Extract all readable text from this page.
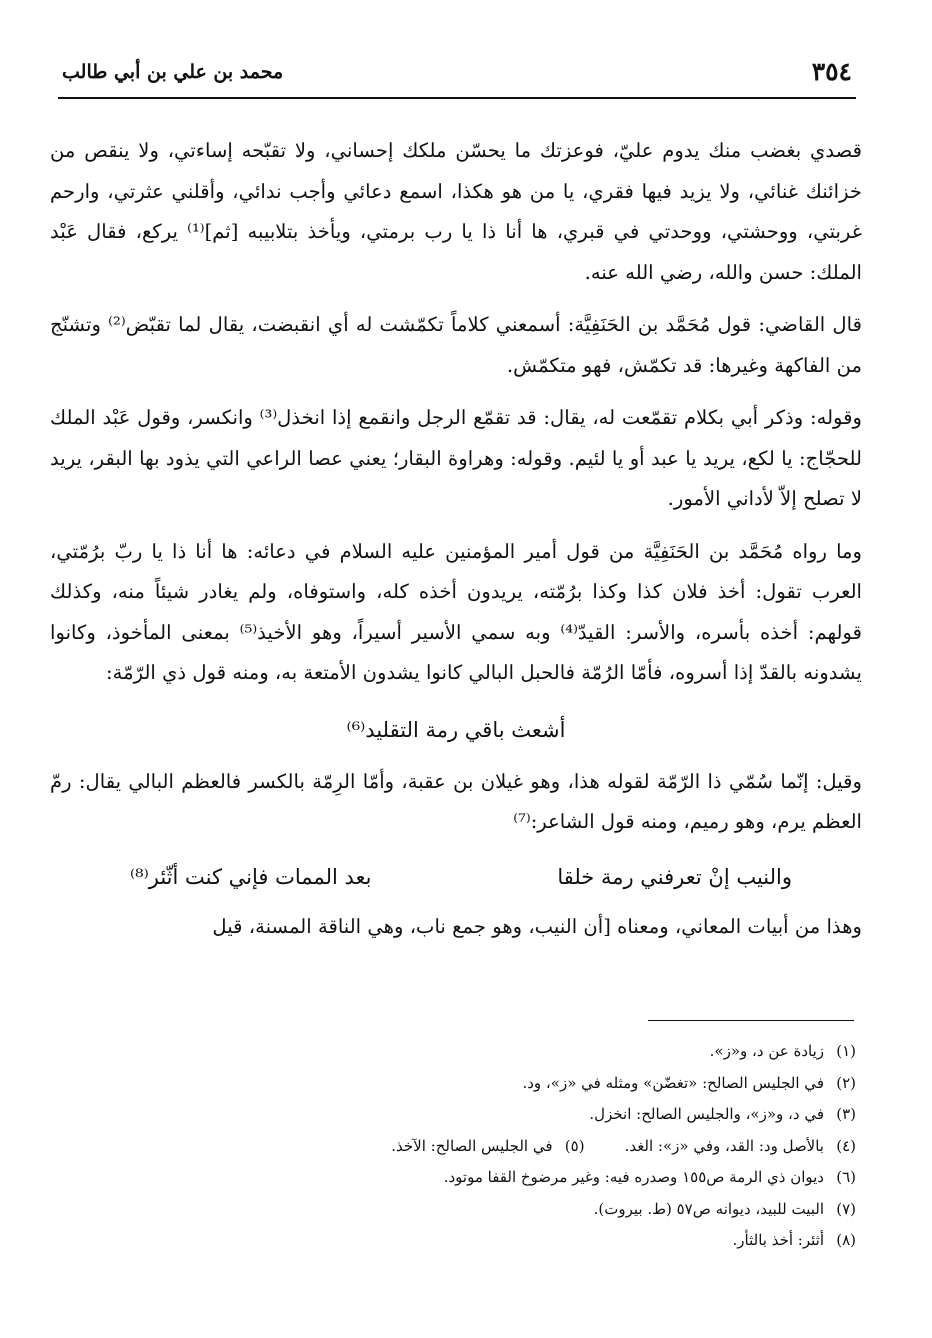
٣٥٤
محمد بن علي بن أبي طالب

قصدي بغضب منك يدوم عليّ، فوعزتك ما يحسّن ملكك إحساني، ولا تقبّحه إساءتي، ولا ينقص من خزائنك غنائي، ولا يزيد فيها فقري، يا من هو هكذا، اسمع دعائي وأجب ندائي، وأقلني عثرتي، وارحم غربتي، ووحشتي، ووحدتي في قبري، ها أنا ذا يا رب برمتي، ويأخذ بتلابيبه [ثم]⁽¹⁾ يركع، فقال عَبْد الملك: حسن والله، رضي الله عنه.

قال القاضي: قول مُحَمَّد بن الحَنَفِيَّة: أسمعني كلاماً تكمّشت له أي انقبضت، يقال لما تقبّض⁽²⁾ وتشنّج من الفاكهة وغيرها: قد تكمّش، فهو متكمّش.

وقوله: وذكر أبي بكلام تقمّعت له، يقال: قد تقمّع الرجل وانقمع إذا انخذل⁽³⁾ وانكسر، وقول عَبْد الملك للحجّاج: يا لكع، يريد يا عبد أو يا لئيم. وقوله: وهراوة البقار؛ يعني عصا الراعي التي يذود بها البقر، يريد لا تصلح إلاّ لأداني الأمور.

وما رواه مُحَمَّد بن الحَنَفِيَّة من قول أمير المؤمنين عليه السلام في دعائه: ها أنا ذا يا ربّ برُمّتي، العرب تقول: أخذ فلان كذا وكذا برُمّته، يريدون أخذه كله، واستوفاه، ولم يغادر شيئاً منه، وكذلك قولهم: أخذه بأسره، والأسر: القيدّ⁽⁴⁾ وبه سمي الأسير أسيراً، وهو الأخيذ⁽⁵⁾ بمعنى المأخوذ، وكانوا يشدونه بالقدّ إذا أسروه، فأمّا الرُمّة فالحبل البالي كانوا يشدون الأمتعة به، ومنه قول ذي الرّمّة:

أشعث باقي رمة التقليد⁽⁶⁾

وقيل: إنّما سُمّي ذا الرّمّة لقوله هذا، وهو غيلان بن عقبة، وأمّا الرِمّة بالكسر فالعظم البالي يقال: رمّ العظم يرم، وهو رميم، ومنه قول الشاعر:⁽⁷⁾

والنيب إنْ تعرفني رمة خلقا
بعد الممات فإني كنت أثّئر⁽⁸⁾

وهذا من أبيات المعاني، ومعناه [أن النيب، وهو جمع ناب، وهي الناقة المسنة، قيل

(١)
زيادة عن د، و«ز».
(٢)
في الجليس الصالح: «تغضّن» ومثله في «ز»، ود.
(٣)
في د، و«ز»، والجليس الصالح: انخزل.
(٤)
بالأصل ود: القد، وفي «ز»: الغد.
(٥)
في الجليس الصالح: الآخذ.
(٦)
ديوان ذي الرمة ص١٥٥ وصدره فيه: وغير مرضوخ القفا موتود.
(٧)
البيت للبيد، ديوانه ص٥٧ (ط. بيروت).
(٨)
أثئر: أخذ بالثأر.
